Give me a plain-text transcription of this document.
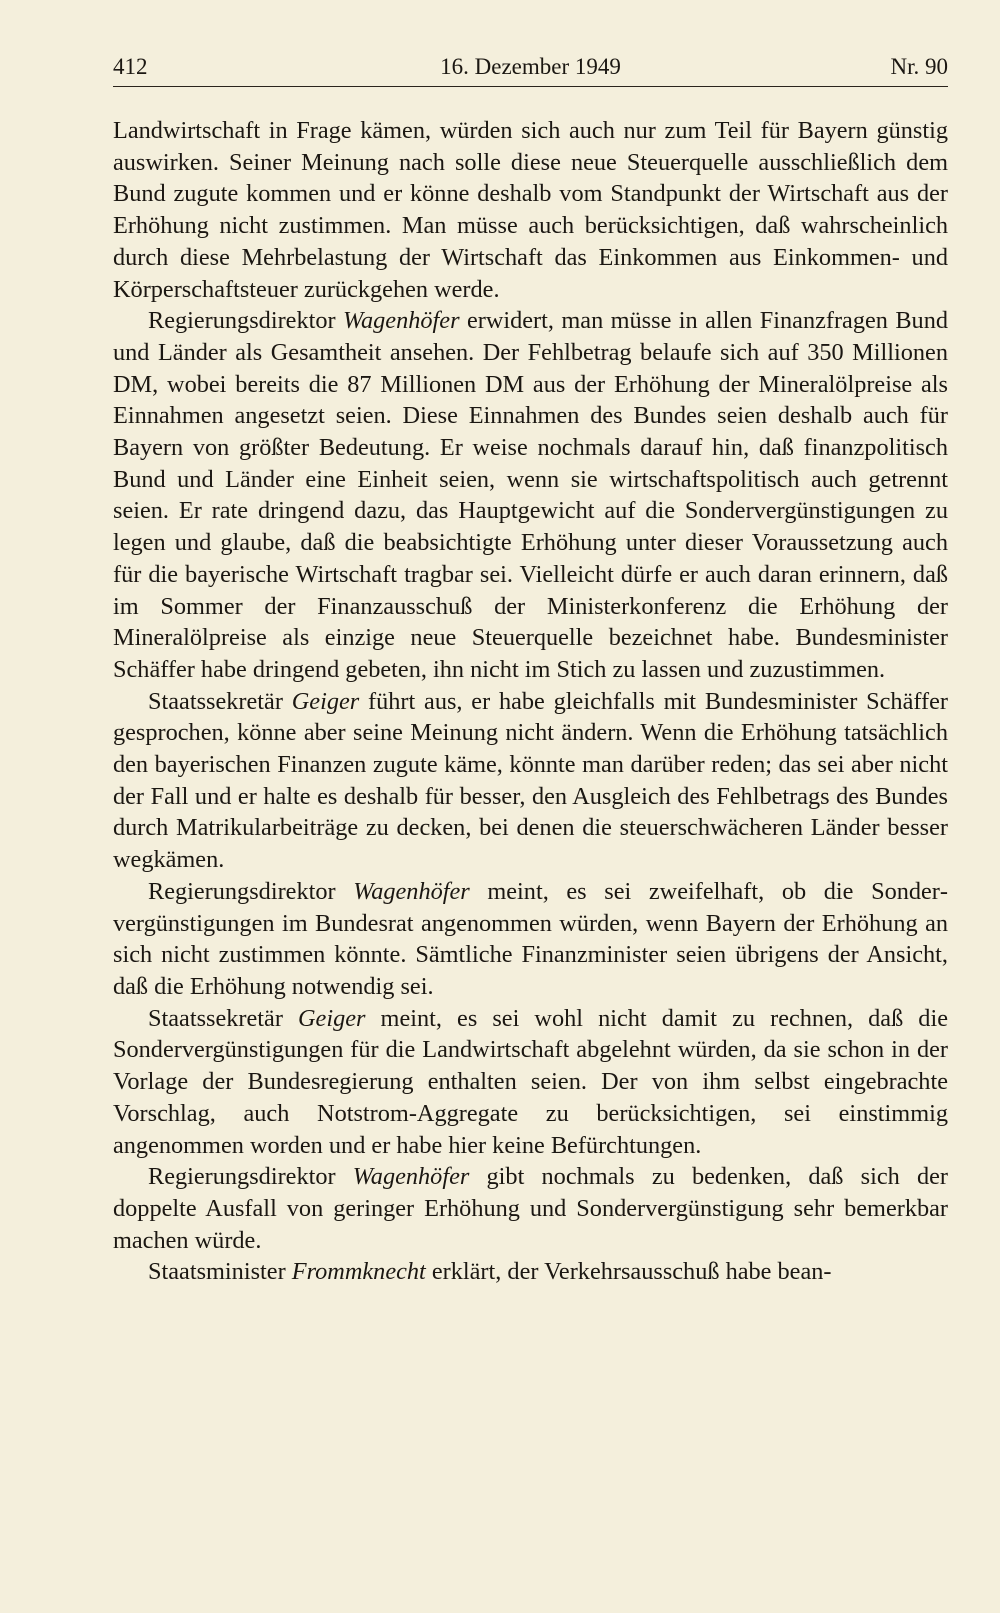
412	16. Dezember 1949	Nr. 90

Landwirtschaft in Frage kämen, würden sich auch nur zum Teil für Bayern günstig auswirken. Seiner Meinung nach solle diese neue Steuerquelle ausschließlich dem Bund zugute kommen und er könne deshalb vom Standpunkt der Wirtschaft aus der Erhöhung nicht zustimmen. Man müsse auch berücksichtigen, daß wahrscheinlich durch diese Mehrbelastung der Wirtschaft das Einkommen aus Einkommen- und Körperschaftsteuer zurückgehen werde.

Regierungsdirektor Wagenhöfer erwidert, man müsse in allen Finanzfragen Bund und Länder als Gesamtheit ansehen. Der Fehlbetrag belaufe sich auf 350 Millionen DM, wobei bereits die 87 Millionen DM aus der Erhöhung der Mineralölpreise als Einnahmen angesetzt seien. Diese Einnahmen des Bundes seien deshalb auch für Bayern von größter Bedeutung. Er weise nochmals darauf hin, daß finanzpolitisch Bund und Länder eine Einheit seien, wenn sie wirtschaftspolitisch auch getrennt seien. Er rate dringend dazu, das Hauptgewicht auf die Sondervergünstigungen zu legen und glaube, daß die beabsichtigte Erhöhung unter dieser Voraussetzung auch für die bayerische Wirtschaft tragbar sei. Vielleicht dürfe er auch daran erinnern, daß im Sommer der Finanzausschuß der Ministerkonferenz die Erhöhung der Mineralölpreise als einzige neue Steuerquelle bezeichnet habe. Bundesminister Schäffer habe dringend gebeten, ihn nicht im Stich zu lassen und zuzustimmen.

Staatssekretär Geiger führt aus, er habe gleichfalls mit Bundesminister Schäffer gesprochen, könne aber seine Meinung nicht ändern. Wenn die Erhöhung tatsächlich den bayerischen Finanzen zugute käme, könnte man darüber reden; das sei aber nicht der Fall und er halte es deshalb für besser, den Ausgleich des Fehlbetrags des Bundes durch Matrikularbeiträge zu decken, bei denen die steuerschwächeren Länder besser wegkämen.

Regierungsdirektor Wagenhöfer meint, es sei zweifelhaft, ob die Sondervergünstigungen im Bundesrat angenommen würden, wenn Bayern der Erhöhung an sich nicht zustimmen könnte. Sämtliche Finanzminister seien übrigens der Ansicht, daß die Erhöhung notwendig sei.

Staatssekretär Geiger meint, es sei wohl nicht damit zu rechnen, daß die Sondervergünstigungen für die Landwirtschaft abgelehnt würden, da sie schon in der Vorlage der Bundesregierung enthalten seien. Der von ihm selbst eingebrachte Vorschlag, auch Notstrom-Aggregate zu berücksichtigen, sei einstimmig angenommen worden und er habe hier keine Befürchtungen.

Regierungsdirektor Wagenhöfer gibt nochmals zu bedenken, daß sich der doppelte Ausfall von geringer Erhöhung und Sondervergünstigung sehr bemerkbar machen würde.

Staatsminister Frommknecht erklärt, der Verkehrsausschuß habe bean-
